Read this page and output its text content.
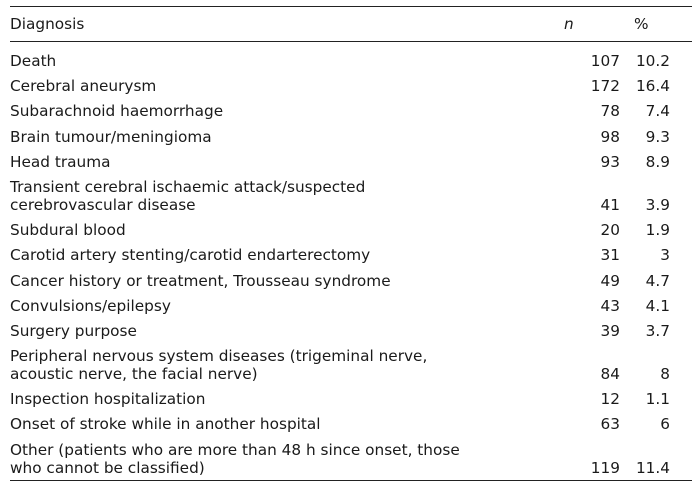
Diagnosis	n	%
Death	107	10.2
Cerebral aneurysm	172	16.4
Subarachnoid haemorrhage	78	7.4
Brain tumour/meningioma	98	9.3
Head trauma	93	8.9
Transient cerebral ischaemic attack/suspected
cerebrovascular disease	41	3.9
Subdural blood	20	1.9
Carotid artery stenting/carotid endarterectomy	31	3
Cancer history or treatment, Trousseau syndrome	49	4.7
Convulsions/epilepsy	43	4.1
Surgery purpose	39	3.7
Peripheral nervous system diseases (trigeminal nerve,
acoustic nerve, the facial nerve)	84	8
Inspection hospitalization	12	1.1
Onset of stroke while in another hospital	63	6
Other (patients who are more than 48 h since onset, those
who cannot be classified)	119	11.4
